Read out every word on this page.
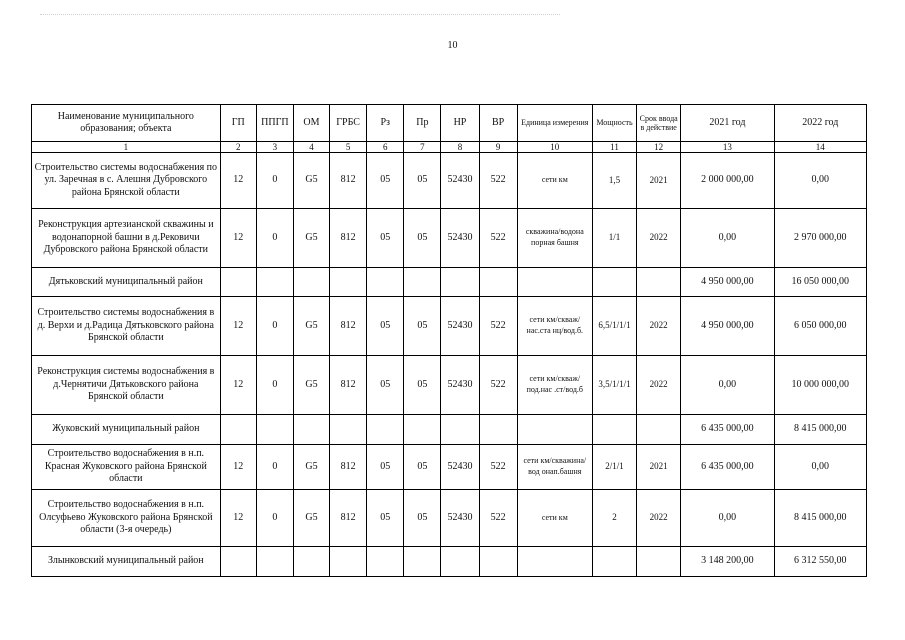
10
Наименование муниципального образования; объекта	ГП	ППГП	ОМ	ГРБС	Рз	Пр	НР	ВР	Единица измерения	Мощность	Срок ввода в действие	2021 год	2022 год
1	2	3	4	5	6	7	8	9	10	11	12	13	14
Строительство системы водоснабжения по ул. Заречная в с. Алешня Дубровского района Брянской области	12	0	G5	812	05	05	52430	522	сети км	1,5	2021	2 000 000,00	0,00
Реконструкция артезианской скважины и водонапорной башни в д.Рековичи Дубровского района Брянской области	12	0	G5	812	05	05	52430	522	скважина/водона порная башня	1/1	2022	0,00	2 970 000,00
Дятьковский муниципальный район												4 950 000,00	16 050 000,00
Строительство системы водоснабжения в д. Верхи и д.Радица Дятьковского района Брянской области	12	0	G5	812	05	05	52430	522	сети км/скваж/нас.ста нц/вод.б.	6,5/1/1/1	2022	4 950 000,00	6 050 000,00
Реконструкция системы водоснабжения в д.Чернятичи Дятьковского района Брянской области	12	0	G5	812	05	05	52430	522	сети км/скваж/под.нас .ст/вод.б	3,5/1/1/1	2022	0,00	10 000 000,00
Жуковский муниципальный район												6 435 000,00	8 415 000,00
Строительство водоснабжения в н.п. Красная Жуковского района Брянской области	12	0	G5	812	05	05	52430	522	сети км/скважина/вод онап.башня	2/1/1	2021	6 435 000,00	0,00
Строительство водоснабжения в н.п. Олсуфьево Жуковского района Брянской области (3-я очередь)	12	0	G5	812	05	05	52430	522	сети км	2	2022	0,00	8 415 000,00
Злынковский муниципальный район												3 148 200,00	6 312 550,00
